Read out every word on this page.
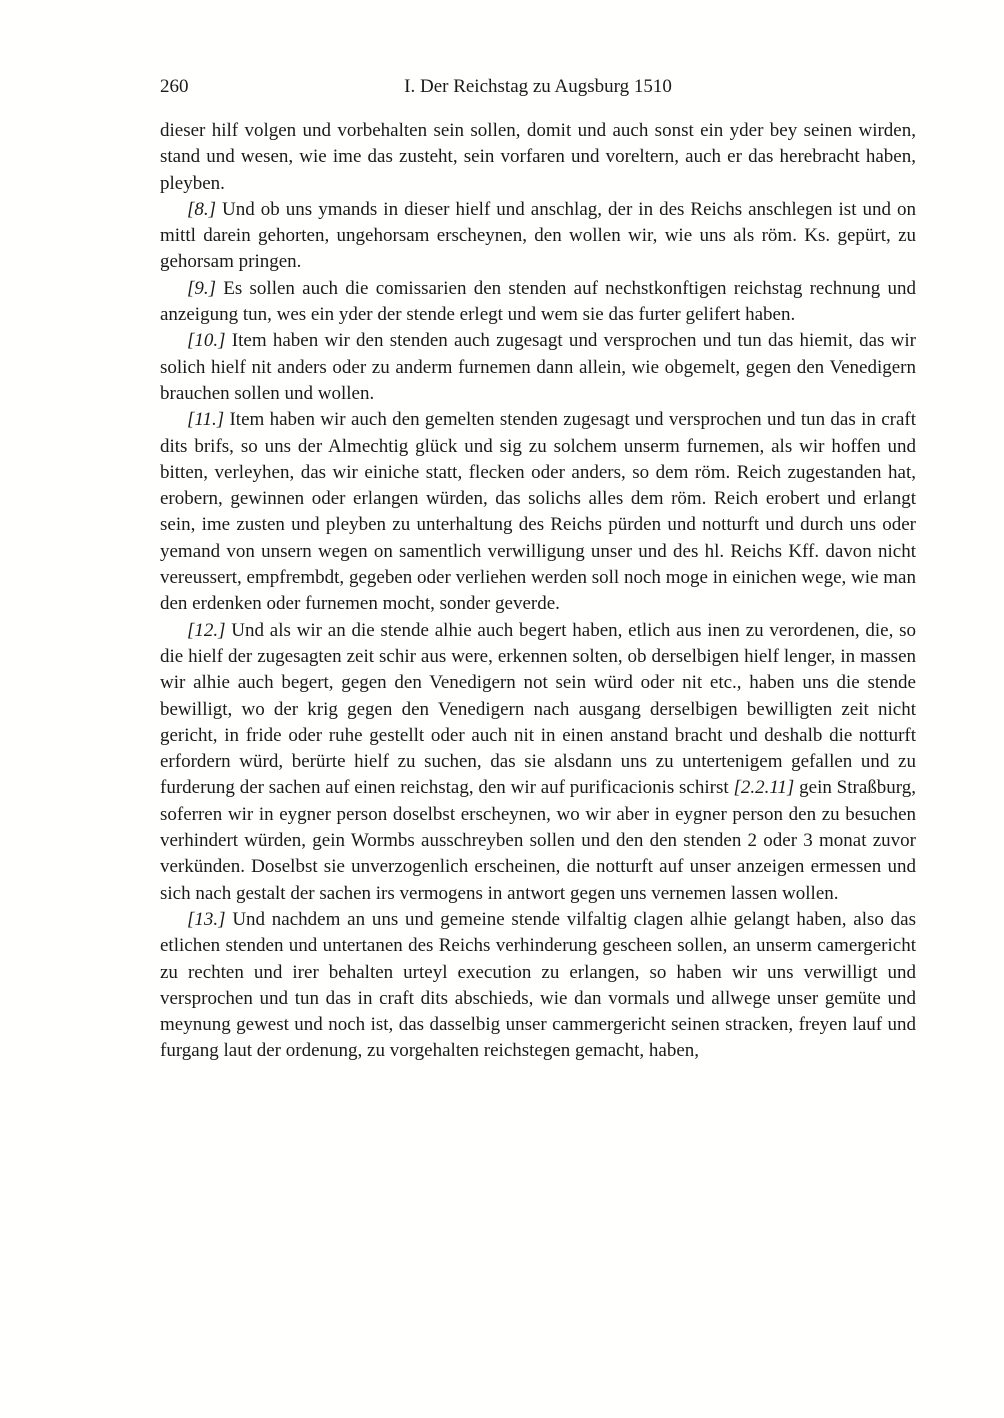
260	I. Der Reichstag zu Augsburg 1510

dieser hilf volgen und vorbehalten sein sollen, domit und auch sonst ein yder bey seinen wirden, stand und wesen, wie ime das zusteht, sein vorfaren und voreltern, auch er das herebracht haben, pleyben.

[8.] Und ob uns ymands in dieser hielf und anschlag, der in des Reichs anschlegen ist und on mittl darein gehorten, ungehorsam erscheynen, den wollen wir, wie uns als röm. Ks. gepürt, zu gehorsam pringen.

[9.] Es sollen auch die comissarien den stenden auf nechstkonftigen reichstag rechnung und anzeigung tun, wes ein yder der stende erlegt und wem sie das furter gelifert haben.

[10.] Item haben wir den stenden auch zugesagt und versprochen und tun das hiemit, das wir solich hielf nit anders oder zu anderm furnemen dann allein, wie obgemelt, gegen den Venedigern brauchen sollen und wollen.

[11.] Item haben wir auch den gemelten stenden zugesagt und versprochen und tun das in craft dits brifs, so uns der Almechtig glück und sig zu solchem unserm furnemen, als wir hoffen und bitten, verleyhen, das wir einiche statt, flecken oder anders, so dem röm. Reich zugestanden hat, erobern, gewinnen oder erlangen würden, das solichs alles dem röm. Reich erobert und erlangt sein, ime zusten und pleyben zu unterhaltung des Reichs pürden und notturft und durch uns oder yemand von unsern wegen on samentlich verwilligung unser und des hl. Reichs Kff. davon nicht vereussert, empfrembdt, gegeben oder verliehen werden soll noch moge in einichen wege, wie man den erdenken oder furnemen mocht, sonder geverde.

[12.] Und als wir an die stende alhie auch begert haben, etlich aus inen zu verordenen, die, so die hielf der zugesagten zeit schir aus were, erkennen solten, ob derselbigen hielf lenger, in massen wir alhie auch begert, gegen den Venedigern not sein würd oder nit etc., haben uns die stende bewilligt, wo der krig gegen den Venedigern nach ausgang derselbigen bewilligten zeit nicht gericht, in fride oder ruhe gestellt oder auch nit in einen anstand bracht und deshalb die notturft erfordern würd, berürte hielf zu suchen, das sie alsdann uns zu untertenigem gefallen und zu furderung der sachen auf einen reichstag, den wir auf purificacionis schirst [2.2.11] gein Straßburg, soferren wir in eygner person doselbst erscheynen, wo wir aber in eygner person den zu besuchen verhindert würden, gein Wormbs ausschreyben sollen und den den stenden 2 oder 3 monat zuvor verkünden. Doselbst sie unverzogenlich erscheinen, die notturft auf unser anzeigen ermessen und sich nach gestalt der sachen irs vermogens in antwort gegen uns vernemen lassen wollen.

[13.] Und nachdem an uns und gemeine stende vilfaltig clagen alhie gelangt haben, also das etlichen stenden und untertanen des Reichs verhinderung gescheen sollen, an unserm camergericht zu rechten und irer behalten urteyl execution zu erlangen, so haben wir uns verwilligt und versprochen und tun das in craft dits abschieds, wie dan vormals und allwege unser gemüte und meynung gewest und noch ist, das dasselbig unser cammergericht seinen stracken, freyen lauf und furgang laut der ordenung, zu vorgehalten reichstegen gemacht, haben,
